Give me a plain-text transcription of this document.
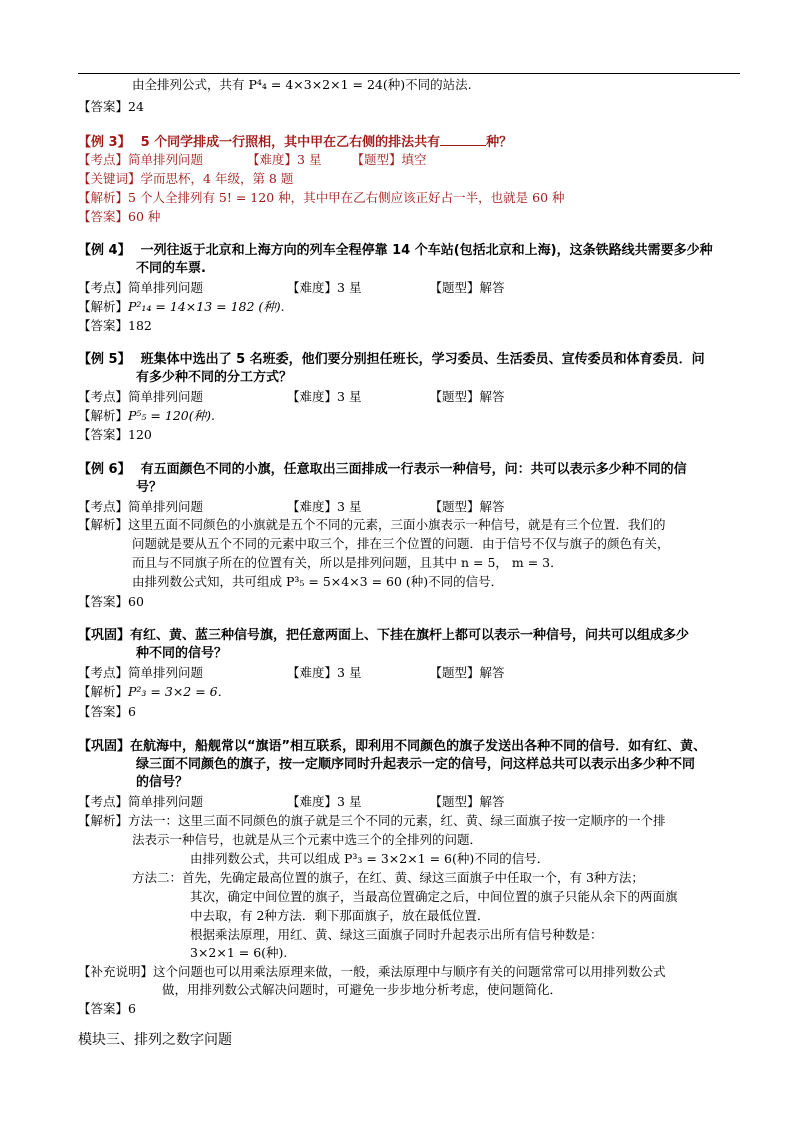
由全排列公式，共有 P⁴₄ = 4×3×2×1 = 24(种)不同的站法.
【答案】24
【例 3】 5 个同学排成一行照相，其中甲在乙右侧的排法共有	种？
【考点】简单排列问题	【难度】3 星 【题型】填空
【关键词】学而思杯，4 年级，第 8 题
【解析】5 个人全排列有 5! = 120 种，其中甲在乙右侧应该正好占一半，也就是 60 种
【答案】60 种
【例 4】 一列往返于北京和上海方向的列车全程停靠 14 个车站(包括北京和上海)，这条铁路线共需要多少种
不同的车票.
【考点】简单排列问题	【难度】3 星	【题型】解答
【解析】P²₁₄ = 14×13 = 182 (种).
【答案】182
【例 5】 班集体中选出了 5 名班委，他们要分别担任班长，学习委员、生活委员、宣传委员和体育委员．问
有多少种不同的分工方式？
【考点】简单排列问题	【难度】3 星	【题型】解答
【解析】P⁵₅ = 120(种).
【答案】120
【例 6】 有五面颜色不同的小旗，任意取出三面排成一行表示一种信号，问：共可以表示多少种不同的信
号？
【考点】简单排列问题	【难度】3 星	【题型】解答
【解析】这里五面不同颜色的小旗就是五个不同的元素，三面小旗表示一种信号，就是有三个位置．我们的
问题就是要从五个不同的元素中取三个，排在三个位置的问题．由于信号不仅与旗子的颜色有关，
而且与不同旗子所在的位置有关，所以是排列问题，且其中 n = 5， m = 3．
由排列数公式知，共可组成 P³₅ = 5×4×3 = 60 (种)不同的信号．
【答案】60
【巩固】有红、黄、蓝三种信号旗，把任意两面上、下挂在旗杆上都可以表示一种信号，问共可以组成多少
种不同的信号？
【考点】简单排列问题	【难度】3 星	【题型】解答
【解析】P²₃ = 3×2 = 6．
【答案】6
【巩固】在航海中，船舰常以“旗语”相互联系，即利用不同颜色的旗子发送出各种不同的信号．如有红、黄、
绿三面不同颜色的旗子，按一定顺序同时升起表示一定的信号，问这样总共可以表示出多少种不同
的信号？
【考点】简单排列问题	【难度】3 星	【题型】解答
【解析】方法一：这里三面不同颜色的旗子就是三个不同的元素，红、黄、绿三面旗子按一定顺序的一个排
法表示一种信号，也就是从三个元素中选三个的全排列的问题．
由排列数公式，共可以组成 P³₃ = 3×2×1 = 6(种)不同的信号．
方法二：首先，先确定最高位置的旗子，在红、黄、绿这三面旗子中任取一个，有 3种方法；
其次，确定中间位置的旗子，当最高位置确定之后，中间位置的旗子只能从余下的两面旗
中去取，有 2种方法．剩下那面旗子，放在最低位置．
根据乘法原理，用红、黄、绿这三面旗子同时升起表示出所有信号种数是：
3×2×1 = 6(种).
【补充说明】这个问题也可以用乘法原理来做，一般，乘法原理中与顺序有关的问题常常可以用排列数公式
做，用排列数公式解决问题时，可避免一步步地分析考虑，使问题简化．
【答案】6
模块三、排列之数字问题
